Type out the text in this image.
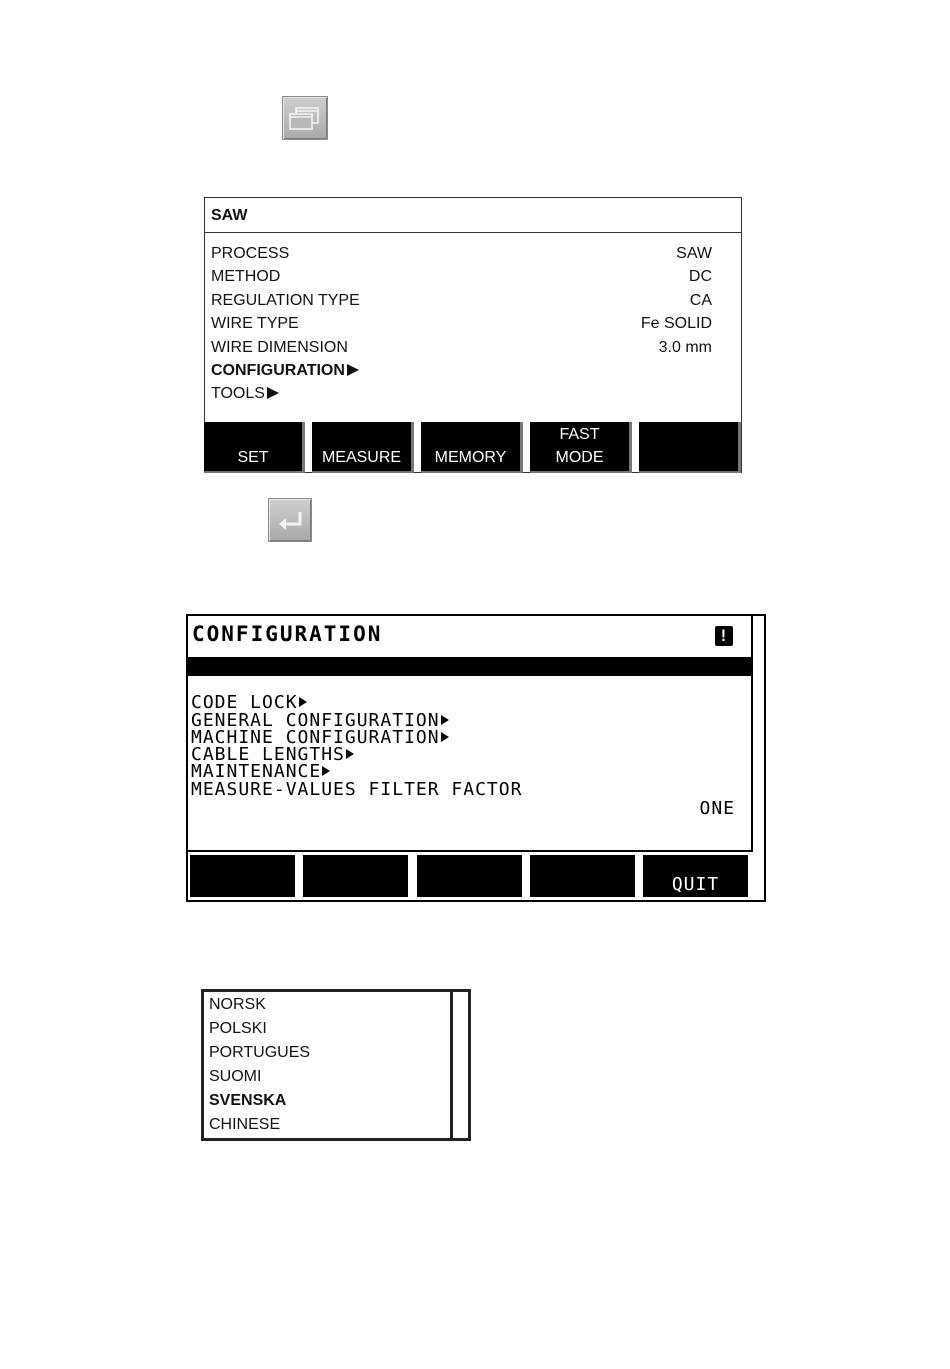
SAW
PROCESS	SAW
METHOD	DC
REGULATION TYPE	CA
WIRE TYPE	Fe SOLID
WIRE DIMENSION	3.0 mm
CONFIGURATION
TOOLS
SET	MEASURE	MEMORY
FAST
MODE
CONFIGURATION	!

LANGUAGE

ENGLISH

CODE LOCK

GENERAL CONFIGURATION

MACHINE CONFIGURATION

CABLE LENGTHS

MAINTENANCE

MEASURE-VALUES FILTER FACTOR

ONE

QUIT
NORSK
POLSKI
PORTUGUES
SUOMI
SVENSKA
CHINESE
